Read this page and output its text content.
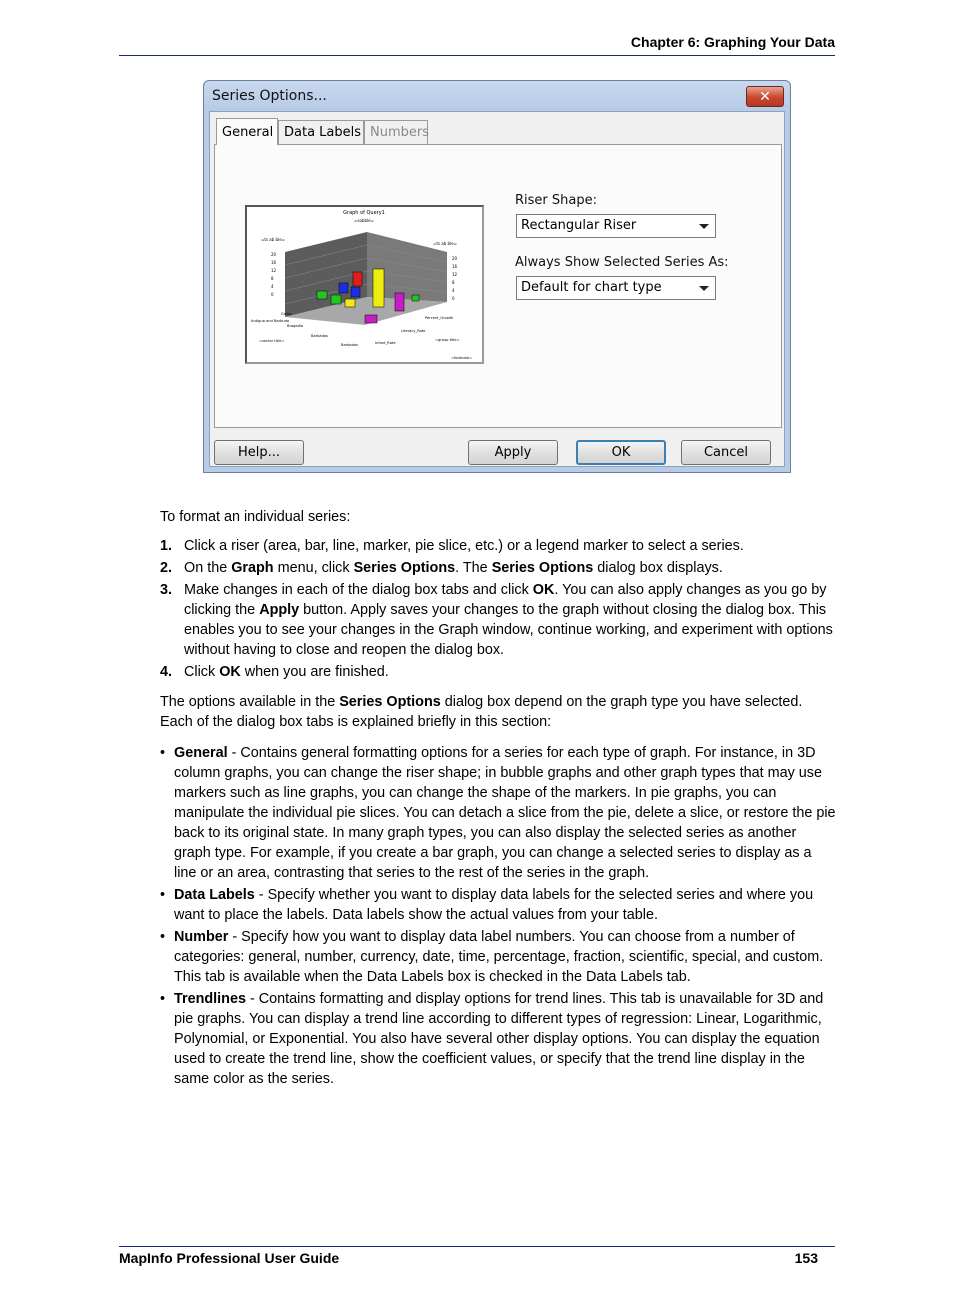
Chapter 6: Graphing Your Data
Series Options...	✕
General Data Labels Numbers
Graph of Query1
=sobble=
=ts ab ble=
=ts ab ble=
20
16
12
8
4
0
20
16
12
8
4
0
Grebs
Antigua and Barbuda
Bragadla
Barbados
=sector title=
Barbados	Infant_Rate
Literacy_Rate
Percent_Growth
=group title=
=footnote=
Riser Shape:
Rectangular Riser
Always Show Selected Series As:
Default for chart type
Help...	Apply	OK	Cancel
To format an individual series:
1. Click a riser (area, bar, line, marker, pie slice, etc.) or a legend marker to select a series.
2. On the Graph menu, click Series Options. The Series Options dialog box displays.
3. Make changes in each of the dialog box tabs and click OK. You can also apply changes as you go by clicking the Apply button. Apply saves your changes to the graph without closing the dialog box. This enables you to see your changes in the Graph window, continue working, and experiment with options without having to close and reopen the dialog box.
4. Click OK when you are finished.
The options available in the Series Options dialog box depend on the graph type you have selected. Each of the dialog box tabs is explained briefly in this section:
• General - Contains general formatting options for a series for each type of graph. For instance, in 3D column graphs, you can change the riser shape; in bubble graphs and other graph types that may use markers such as line graphs, you can change the shape of the markers. In pie graphs, you can manipulate the individual pie slices. You can detach a slice from the pie, delete a slice, or restore the pie back to its original state. In many graph types, you can also display the selected series as another graph type. For example, if you create a bar graph, you can change a selected series to display as a line or an area, contrasting that series to the rest of the series in the graph.
• Data Labels - Specify whether you want to display data labels for the selected series and where you want to place the labels. Data labels show the actual values from your table.
• Number - Specify how you want to display data label numbers. You can choose from a number of categories: general, number, currency, date, time, percentage, fraction, scientific, special, and custom. This tab is available when the Data Labels box is checked in the Data Labels tab.
• Trendlines - Contains formatting and display options for trend lines. This tab is unavailable for 3D and pie graphs. You can display a trend line according to different types of regression: Linear, Logarithmic, Polynomial, or Exponential. You also have several other display options. You can display the equation used to create the trend line, show the coefficient values, or specify that the trend line display in the same color as the series.
MapInfo Professional User Guide	153
